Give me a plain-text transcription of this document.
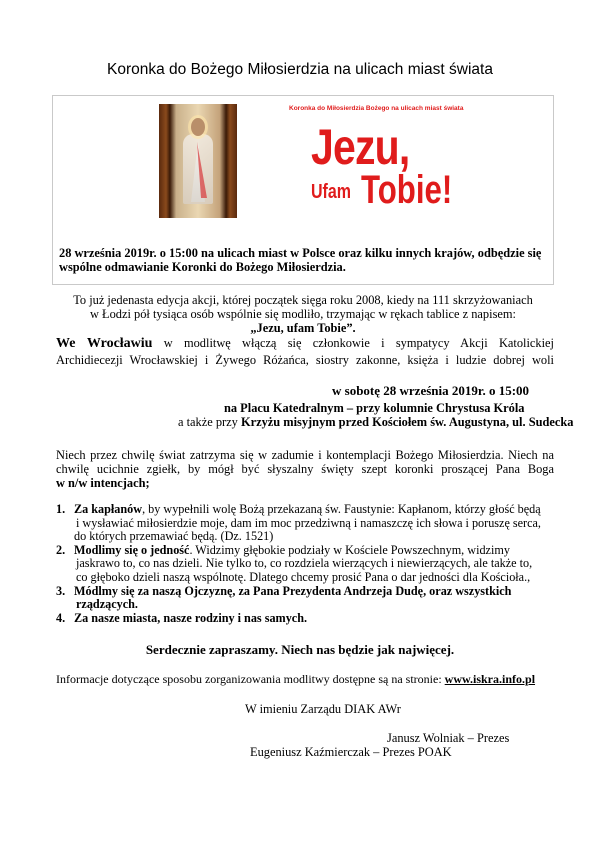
Koronka do Bożego Miłosierdzia na ulicach miast świata
Koronka do Miłosierdzia Bożego na ulicach miast świata
Jezu,
Ufam Tobie!
28 września 2019r. o 15:00 na ulicach miast w Polsce oraz kilku innych krajów, odbędzie się wspólne odmawianie Koronki do Bożego Miłosierdzia.
To już jedenasta edycja akcji, której początek sięga roku 2008, kiedy na 111 skrzyżowaniach
w Łodzi pół tysiąca osób wspólnie się modliło, trzymając w rękach tablice z napisem:
„Jezu, ufam Tobie”.
We Wrocławiu w modlitwę włączą się członkowie i sympatycy Akcji Katolickiej
Archidiecezji Wrocławskiej i Żywego Różańca, siostry zakonne, księża i ludzie dobrej woli
w sobotę 28 września 2019r. o 15:00
na Placu Katedralnym – przy kolumnie Chrystusa Króla
a także przy Krzyżu misyjnym przed Kościołem św. Augustyna, ul. Sudecka
Niech przez chwilę świat zatrzyma się w zadumie i kontemplacji Bożego Miłosierdzia. Niech na
chwilę ucichnie zgiełk, by mógł być słyszalny święty szept koronki proszącej Pana Boga
w n/w intencjach;
1. Za kapłanów, by wypełnili wolę Bożą przekazaną św. Faustynie: Kapłanom, którzy głość będą
i wysławiać miłosierdzie moje, dam im moc przedziwną i namaszczę ich słowa i poruszę serca,
do których przemawiać będą. (Dz. 1521)
2. Modlimy się o jedność. Widzimy głębokie podziały w Kościele Powszechnym, widzimy
jaskrawo to, co nas dzieli. Nie tylko to, co rozdziela wierzących i niewierzących, ale także to,
co głęboko dzieli naszą wspólnotę. Dlatego chcemy prosić Pana o dar jedności dla Kościoła.,
3. Módlmy się za naszą Ojczyznę, za Pana Prezydenta Andrzeja Dudę, oraz wszystkich
rządzących.
4. Za nasze miasta, nasze rodziny i nas samych.
Serdecznie zapraszamy. Niech nas będzie jak najwięcej.
Informacje dotyczące sposobu zorganizowania modlitwy dostępne są na stronie: www.iskra.info.pl
W imieniu Zarządu DIAK AWr
Janusz Wolniak – Prezes
Eugeniusz Kaźmierczak – Prezes POAK
